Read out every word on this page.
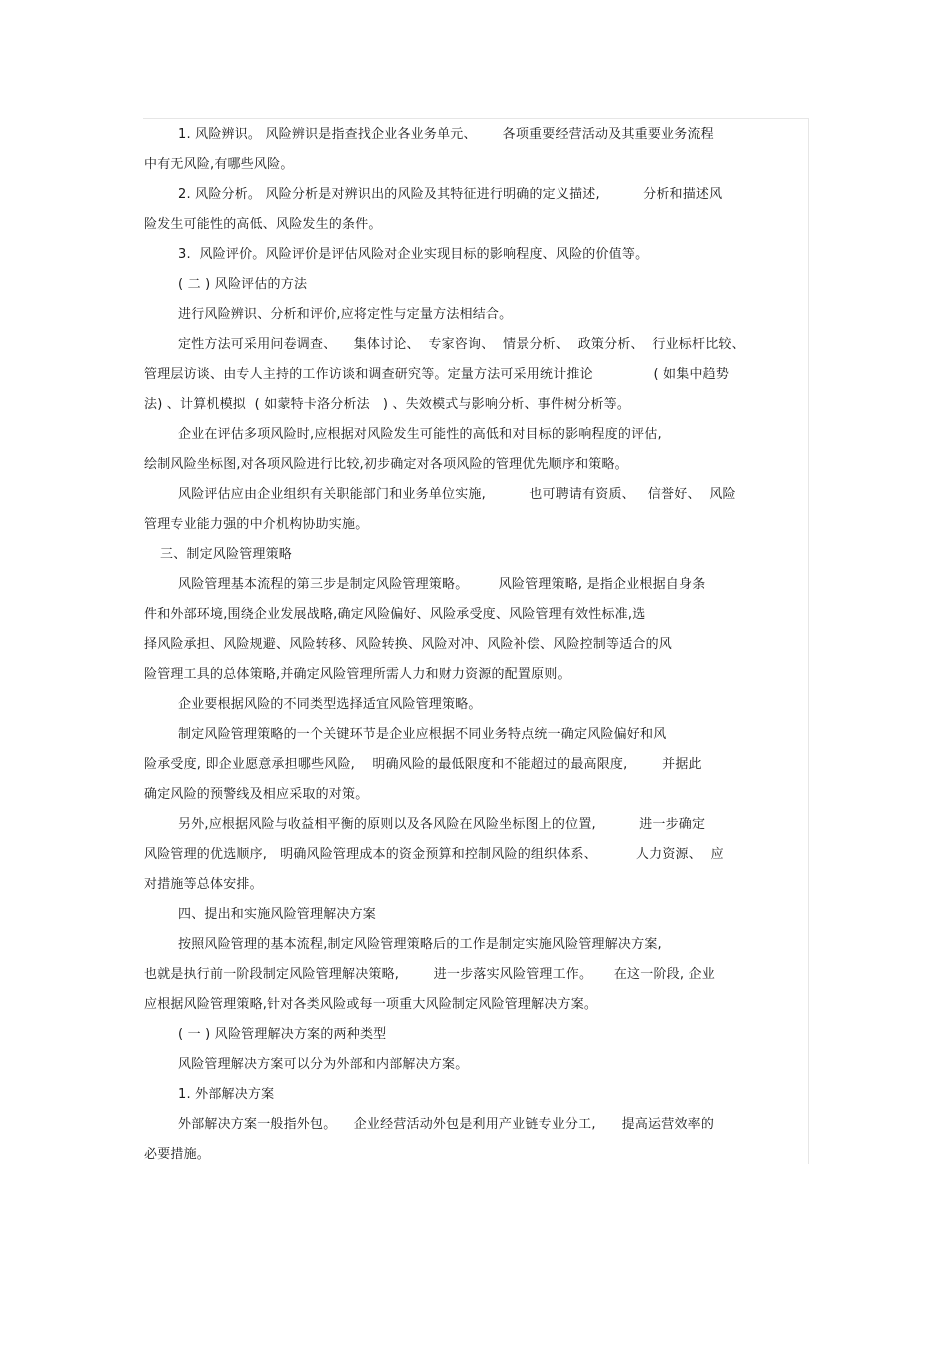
1. 风险辨识。 风险辨识是指查找企业各业务单元、      各项重要经营活动及其重要业务流程
中有无风险,有哪些风险。
2. 风险分析。 风险分析是对辨识出的风险及其特征进行明确的定义描述,          分析和描述风
险发生可能性的高低、风险发生的条件。
3.  风险评价。风险评价是评估风险对企业实现目标的影响程度、风险的价值等。
( 二 ) 风险评估的方法
进行风险辨识、分析和评价,应将定性与定量方法相结合。
定性方法可采用问卷调查、    集体讨论、  专家咨询、  情景分析、  政策分析、  行业标杆比较、
管理层访谈、由专人主持的工作访谈和调查研究等。定量方法可采用统计推论              ( 如集中趋势
法) 、计算机模拟  ( 如蒙特卡洛分析法   ) 、失效模式与影响分析、事件树分析等。
企业在评估多项风险时,应根据对风险发生可能性的高低和对目标的影响程度的评估,
绘制风险坐标图,对各项风险进行比较,初步确定对各项风险的管理优先顺序和策略。
风险评估应由企业组织有关职能部门和业务单位实施,          也可聘请有资质、   信誉好、  风险
管理专业能力强的中介机构协助实施。
三、制定风险管理策略
风险管理基本流程的第三步是制定风险管理策略。       风险管理策略, 是指企业根据自身条
件和外部环境,围绕企业发展战略,确定风险偏好、风险承受度、风险管理有效性标准,选
择风险承担、风险规避、风险转移、风险转换、风险对冲、风险补偿、风险控制等适合的风
险管理工具的总体策略,并确定风险管理所需人力和财力资源的配置原则。
企业要根据风险的不同类型选择适宜风险管理策略。
制定风险管理策略的一个关键环节是企业应根据不同业务特点统一确定风险偏好和风
险承受度, 即企业愿意承担哪些风险,    明确风险的最低限度和不能超过的最高限度,        并据此
确定风险的预警线及相应采取的对策。
另外,应根据风险与收益相平衡的原则以及各风险在风险坐标图上的位置,          进一步确定
风险管理的优选顺序,   明确风险管理成本的资金预算和控制风险的组织体系、         人力资源、  应
对措施等总体安排。
四、提出和实施风险管理解决方案
按照风险管理的基本流程,制定风险管理策略后的工作是制定实施风险管理解决方案,
也就是执行前一阶段制定风险管理解决策略,        进一步落实风险管理工作。     在这一阶段, 企业
应根据风险管理策略,针对各类风险或每一项重大风险制定风险管理解决方案。
( 一 ) 风险管理解决方案的两种类型
风险管理解决方案可以分为外部和内部解决方案。
1. 外部解决方案
外部解决方案一般指外包。    企业经营活动外包是利用产业链专业分工,      提高运营效率的
必要措施。
